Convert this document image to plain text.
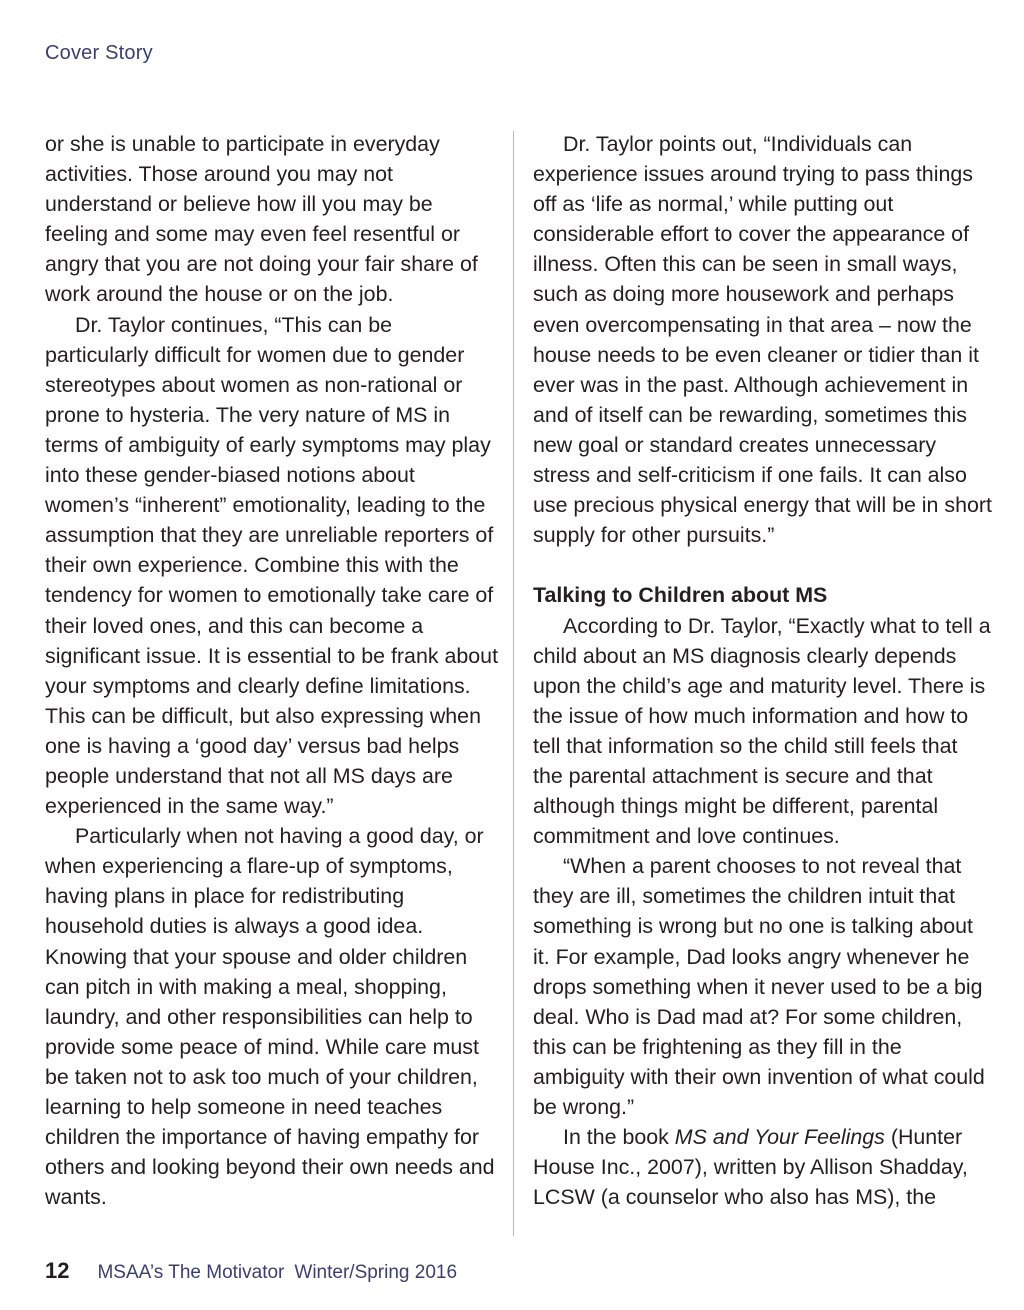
Cover Story

or she is unable to participate in everyday activities. Those around you may not understand or believe how ill you may be feeling and some may even feel resentful or angry that you are not doing your fair share of work around the house or on the job.

Dr. Taylor continues, “This can be particularly difficult for women due to gender stereotypes about women as non-rational or prone to hysteria. The very nature of MS in terms of ambiguity of early symptoms may play into these gender-biased notions about women’s “inherent” emotionality, leading to the assumption that they are unreliable reporters of their own experience. Combine this with the tendency for women to emotionally take care of their loved ones, and this can become a significant issue. It is essential to be frank about your symptoms and clearly define limitations. This can be difficult, but also expressing when one is having a ‘good day’ versus bad helps people understand that not all MS days are experienced in the same way.”

Particularly when not having a good day, or when experiencing a flare-up of symptoms, having plans in place for redistributing household duties is always a good idea. Knowing that your spouse and older children can pitch in with making a meal, shopping, laundry, and other responsibilities can help to provide some peace of mind. While care must be taken not to ask too much of your children, learning to help someone in need teaches children the importance of having empathy for others and looking beyond their own needs and wants.

Dr. Taylor points out, “Individuals can experience issues around trying to pass things off as ‘life as normal,’ while putting out considerable effort to cover the appearance of illness. Often this can be seen in small ways, such as doing more housework and perhaps even overcompensating in that area – now the house needs to be even cleaner or tidier than it ever was in the past. Although achievement in and of itself can be rewarding, sometimes this new goal or standard creates unnecessary stress and self-criticism if one fails. It can also use precious physical energy that will be in short supply for other pursuits.”

Talking to Children about MS

According to Dr. Taylor, “Exactly what to tell a child about an MS diagnosis clearly depends upon the child’s age and maturity level. There is the issue of how much information and how to tell that information so the child still feels that the parental attachment is secure and that although things might be different, parental commitment and love continues.

“When a parent chooses to not reveal that they are ill, sometimes the children intuit that something is wrong but no one is talking about it. For example, Dad looks angry whenever he drops something when it never used to be a big deal. Who is Dad mad at? For some children, this can be frightening as they fill in the ambiguity with their own invention of what could be wrong.”

In the book MS and Your Feelings (Hunter House Inc., 2007), written by Allison Shadday, LCSW (a counselor who also has MS), the

12 MSAA’s The Motivator Winter/Spring 2016
